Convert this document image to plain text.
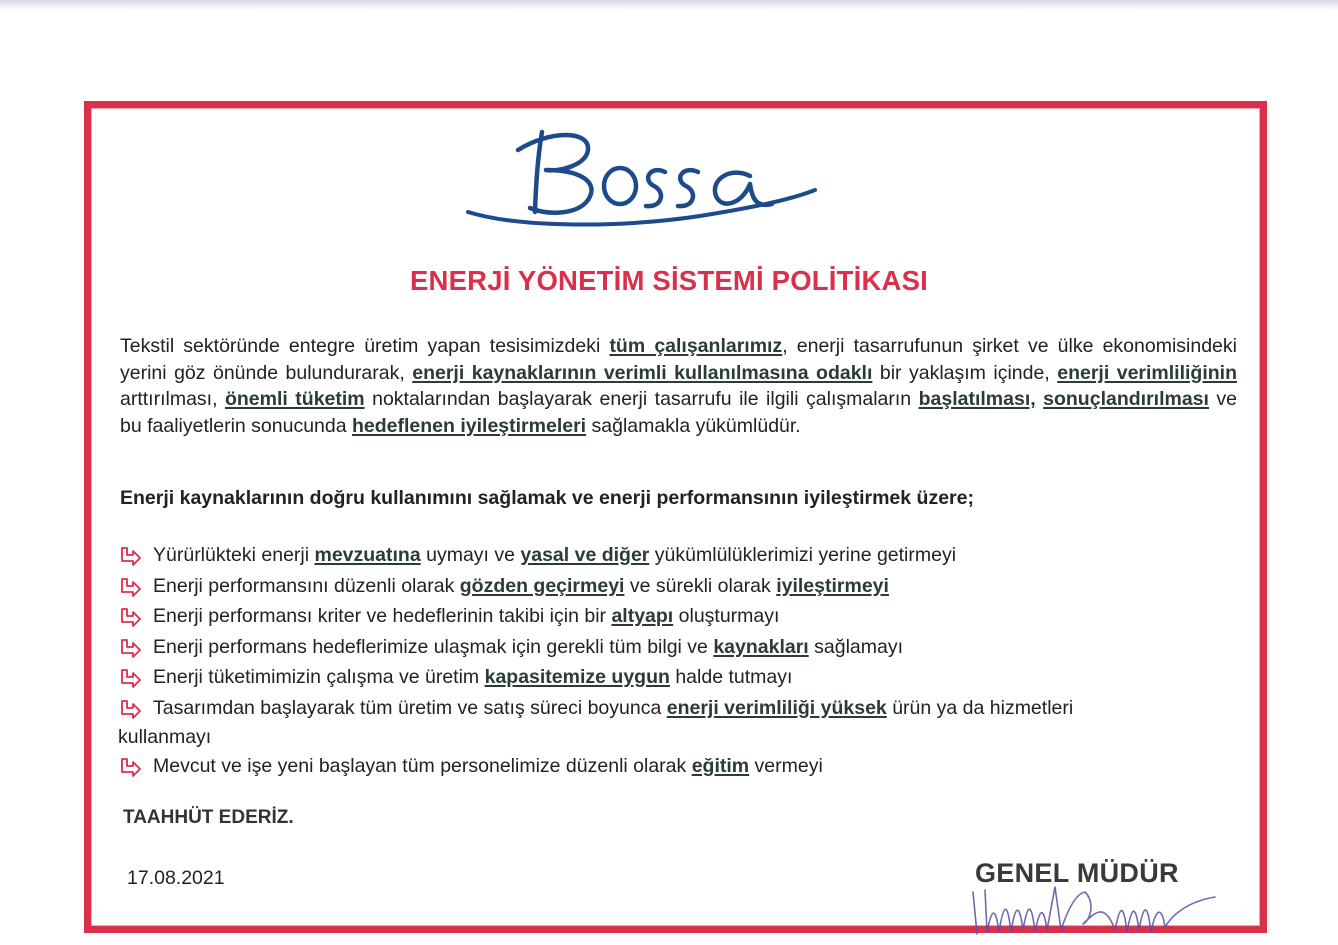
ENERJİ YÖNETİM SİSTEMİ POLİTİKASI
Tekstil sektöründe entegre üretim yapan tesisimizdeki tüm çalışanlarımız, enerji tasarrufunun şirket ve ülke ekonomisindeki yerini göz önünde bulundurarak, enerji kaynaklarının verimli kullanılmasına odaklı bir yaklaşım içinde, enerji verimliliğinin arttırılması, önemli tüketim noktalarından başlayarak enerji tasarrufu ile ilgili çalışmaların başlatılması, sonuçlandırılması ve bu faaliyetlerin sonucunda hedeflenen iyileştirmeleri sağlamakla yükümlüdür.
Enerji kaynaklarının doğru kullanımını sağlamak ve enerji performansının iyileştirmek üzere;
Yürürlükteki enerji mevzuatına uymayı ve yasal ve diğer yükümlülüklerimizi yerine getirmeyi
Enerji performansını düzenli olarak gözden geçirmeyi ve sürekli olarak iyileştirmeyi
Enerji performansı kriter ve hedeflerinin takibi için bir altyapı oluşturmayı
Enerji performans hedeflerimize ulaşmak için gerekli tüm bilgi ve kaynakları sağlamayı
Enerji tüketimimizin çalışma ve üretim kapasitemize uygun halde tutmayı
Tasarımdan başlayarak tüm üretim ve satış süreci boyunca enerji verimliliği yüksek ürün ya da hizmetleri
kullanmayı
Mevcut ve işe yeni başlayan tüm personelimize düzenli olarak eğitim vermeyi
TAAHHÜT EDERİZ.
17.08.2021	GENEL MÜDÜR
